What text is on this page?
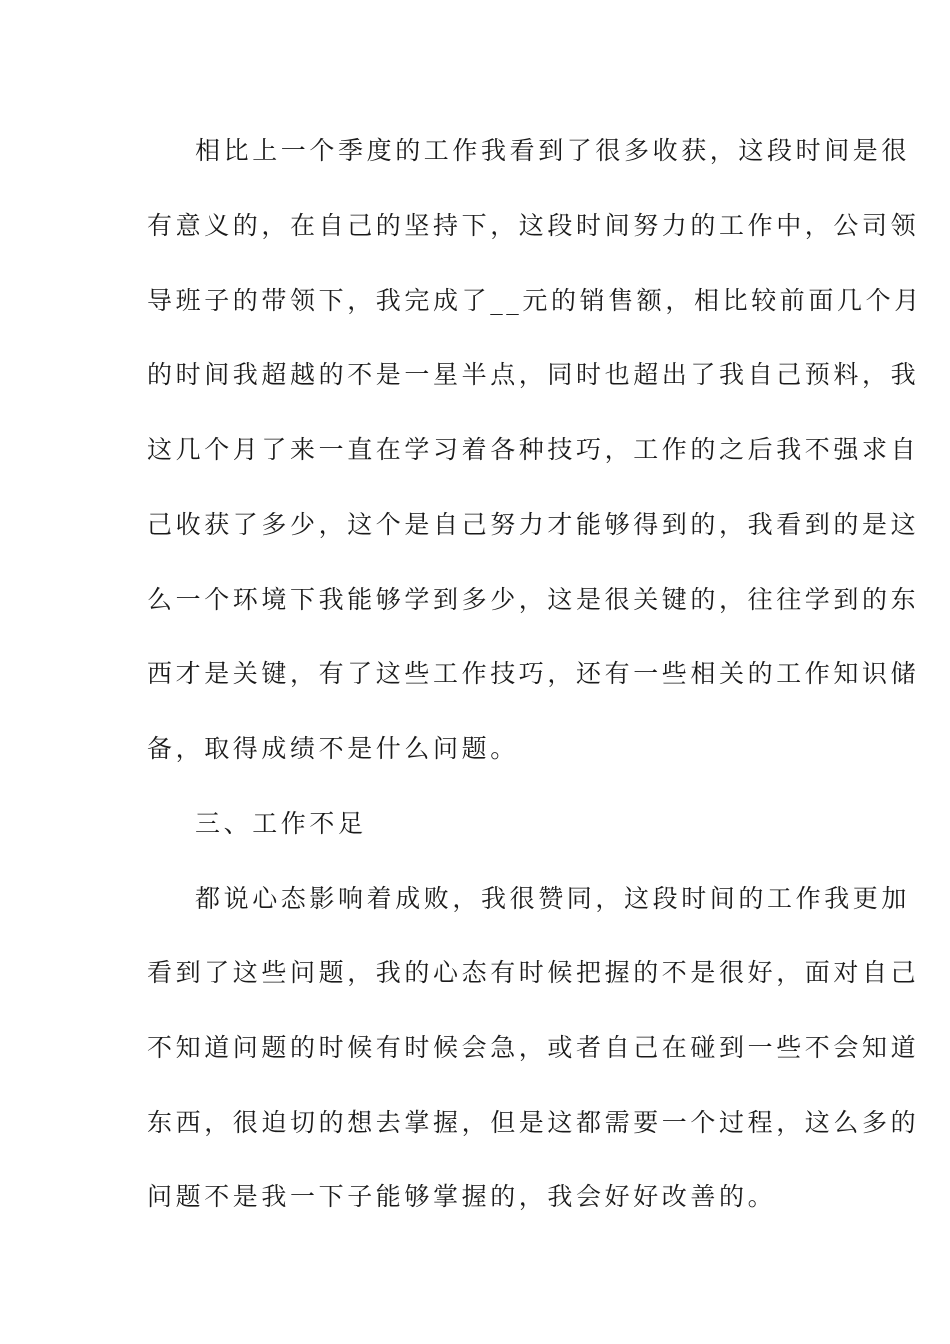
相比上一个季度的工作我看到了很多收获，这段时间是很
有意义的，在自己的坚持下，这段时间努力的工作中，公司领
导班子的带领下，我完成了__元的销售额，相比较前面几个月
的时间我超越的不是一星半点，同时也超出了我自己预料，我
这几个月了来一直在学习着各种技巧，工作的之后我不强求自
己收获了多少，这个是自己努力才能够得到的，我看到的是这
么一个环境下我能够学到多少，这是很关键的，往往学到的东
西才是关键，有了这些工作技巧，还有一些相关的工作知识储
备，取得成绩不是什么问题。
三、工作不足
都说心态影响着成败，我很赞同，这段时间的工作我更加
看到了这些问题，我的心态有时候把握的不是很好，面对自己
不知道问题的时候有时候会急，或者自己在碰到一些不会知道
东西，很迫切的想去掌握，但是这都需要一个过程，这么多的
问题不是我一下子能够掌握的，我会好好改善的。
